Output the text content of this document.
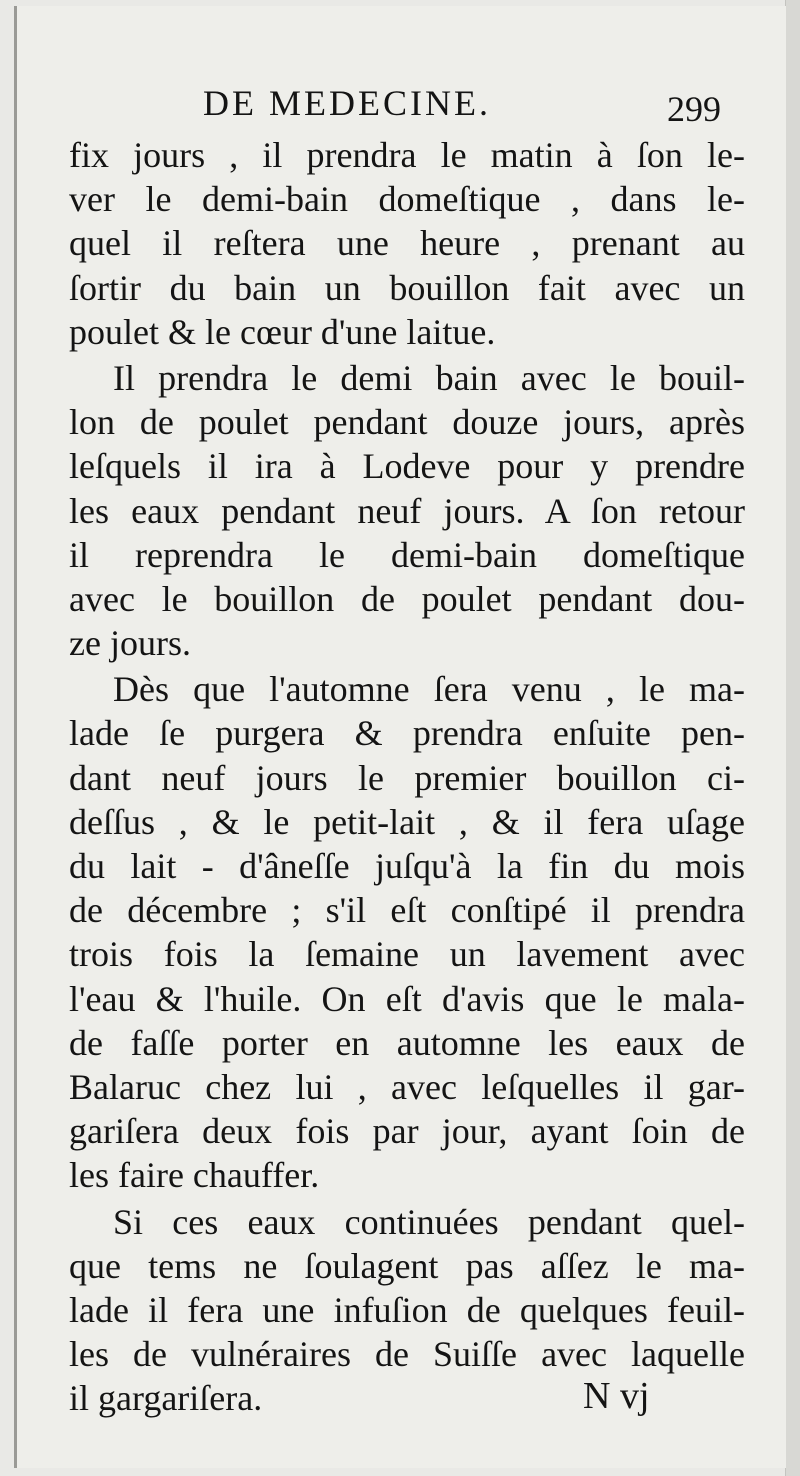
DE MEDECINE.	299
fix jours , il prendra le matin à ſon le-
ver le demi-bain domeſtique , dans le-
quel il reſtera une heure , prenant au
ſortir du bain un bouillon fait avec un
poulet & le cœur d'une laitue.
Il prendra le demi bain avec le bouil-
lon de poulet pendant douze jours, après
leſquels il ira à Lodeve pour y prendre
les eaux pendant neuf jours. A ſon retour
il reprendra le demi-bain domeſtique
avec le bouillon de poulet pendant dou-
ze jours.
Dès que l'automne ſera venu , le ma-
lade ſe purgera & prendra enſuite pen-
dant neuf jours le premier bouillon ci-
deſſus , & le petit-lait , & il fera uſage
du lait - d'âneſſe juſqu'à la fin du mois
de décembre ; s'il eſt conſtipé il prendra
trois fois la ſemaine un lavement avec
l'eau & l'huile. On eſt d'avis que le mala-
de faſſe porter en automne les eaux de
Balaruc chez lui , avec leſquelles il gar-
gariſera deux fois par jour, ayant ſoin de
les faire chauffer.
Si ces eaux continuées pendant quel-
que tems ne ſoulagent pas aſſez le ma-
lade il fera une infuſion de quelques feuil-
les de vulnéraires de Suiſſe avec laquelle
il gargariſera.	N vj
